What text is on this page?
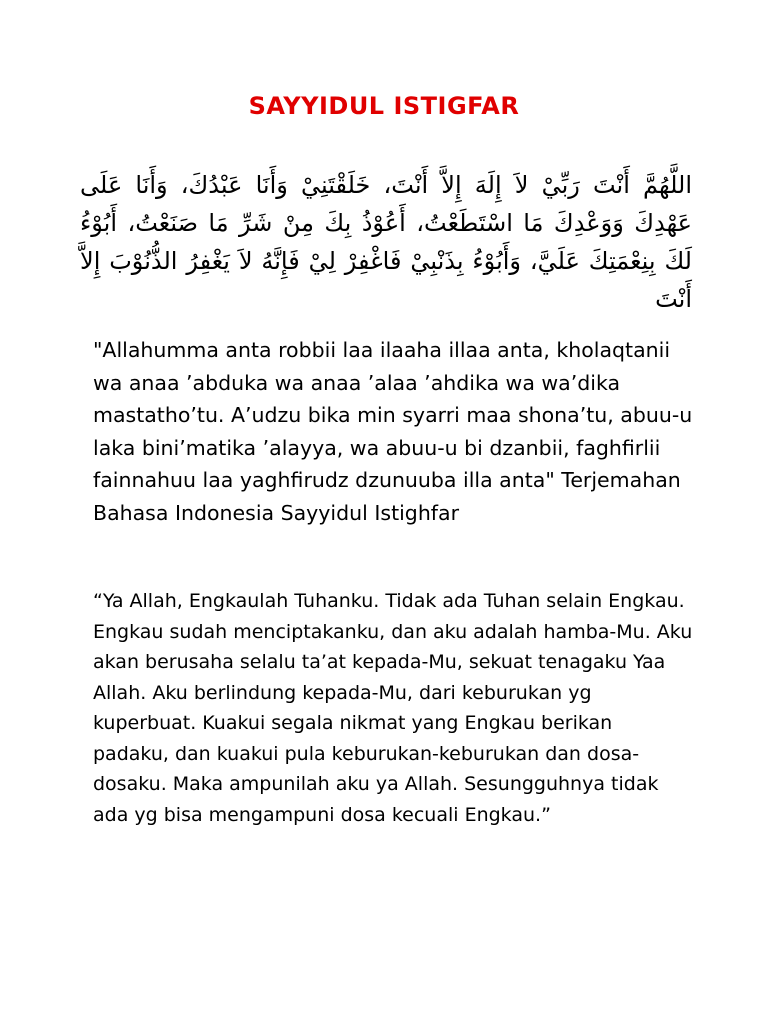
SAYYIDUL ISTIGFAR
اللَّهُمَّ أَنْتَ رَبِّيْ لاَ إِلَهَ إِلاَّ أَنْتَ، خَلَقْتَنِيْ وَأَنَا عَبْدُكَ، وَأَنَا عَلَى عَهْدِكَ وَوَعْدِكَ مَا اسْتَطَعْتُ، أَعُوْذُ بِكَ مِنْ شَرِّ مَا صَنَعْتُ، أَبُوْءُ لَكَ بِنِعْمَتِكَ عَلَيَّ، وَأَبُوْءُ بِذَنْبِيْ فَاغْفِرْ لِيْ فَإِنَّهُ لاَ يَغْفِرُ الذُّنُوْبَ إِلاَّ أَنْتَ
"Allahumma anta robbii laa ilaaha illaa anta, kholaqtanii wa anaa ’abduka wa anaa ’alaa ’ahdika wa wa’dika mastatho’tu. A’udzu bika min syarri maa shona’tu, abuu-u laka bini’matika ’alayya, wa abuu-u bi dzanbii, faghfirlii fainnahuu laa yaghfirudz dzunuuba illa anta" Terjemahan Bahasa Indonesia Sayyidul Istighfar
“Ya Allah, Engkaulah Tuhanku. Tidak ada Tuhan selain Engkau. Engkau sudah menciptakanku, dan aku adalah hamba-Mu. Aku akan berusaha selalu ta’at kepada-Mu, sekuat tenagaku Yaa Allah. Aku berlindung kepada-Mu, dari keburukan yg kuperbuat. Kuakui segala nikmat yang Engkau berikan padaku, dan kuakui pula keburukan-keburukan dan dosa-dosaku. Maka ampunilah aku ya Allah. Sesungguhnya tidak ada yg bisa mengampuni dosa kecuali Engkau.”
